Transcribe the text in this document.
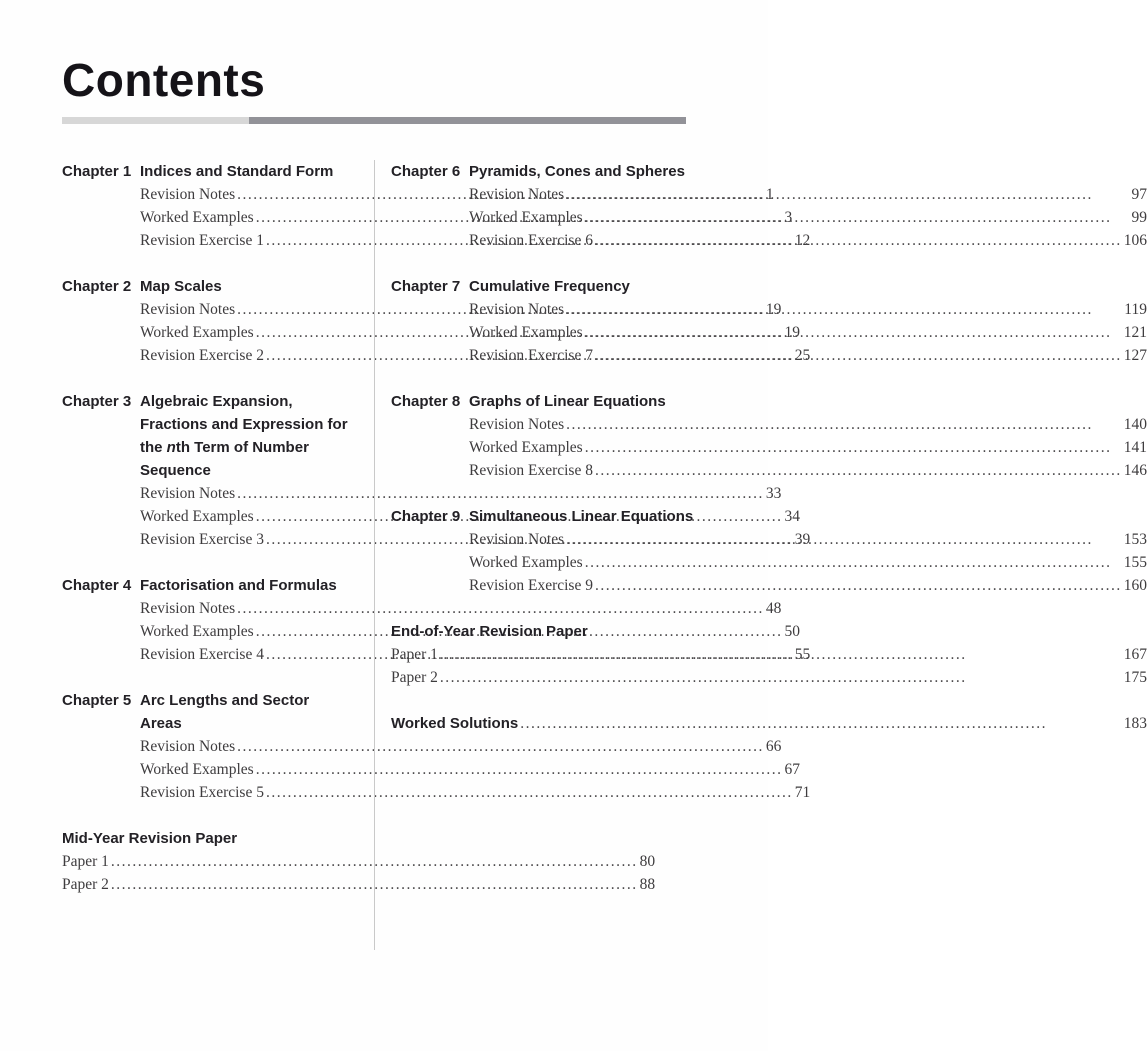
Contents
Chapter 1 Indices and Standard Form
Revision Notes .....	1
Worked Examples .....	3
Revision Exercise 1 .....	12
Chapter 2 Map Scales
Revision Notes .....	19
Worked Examples .....	19
Revision Exercise 2 .....	25
Chapter 3 Algebraic Expansion, Fractions and Expression for the nth Term of Number Sequence
Revision Notes .....	33
Worked Examples .....	34
Revision Exercise 3 .....	39
Chapter 4 Factorisation and Formulas
Revision Notes .....	48
Worked Examples .....	50
Revision Exercise 4 .....	55
Chapter 5 Arc Lengths and Sector Areas
Revision Notes .....	66
Worked Examples .....	67
Revision Exercise 5 .....	71
Mid-Year Revision Paper
Paper 1 .....	80
Paper 2 .....	88
Chapter 6 Pyramids, Cones and Spheres
Revision Notes .....	97
Worked Examples .....	99
Revision Exercise 6 .....	106
Chapter 7 Cumulative Frequency
Revision Notes .....	119
Worked Examples .....	121
Revision Exercise 7 .....	127
Chapter 8 Graphs of Linear Equations
Revision Notes .....	140
Worked Examples .....	141
Revision Exercise 8 .....	146
Chapter 9 Simultaneous Linear Equations
Revision Notes .....	153
Worked Examples .....	155
Revision Exercise 9 .....	160
End-of-Year Revision Paper
Paper 1 .....	167
Paper 2 .....	175
Worked Solutions .....	183
